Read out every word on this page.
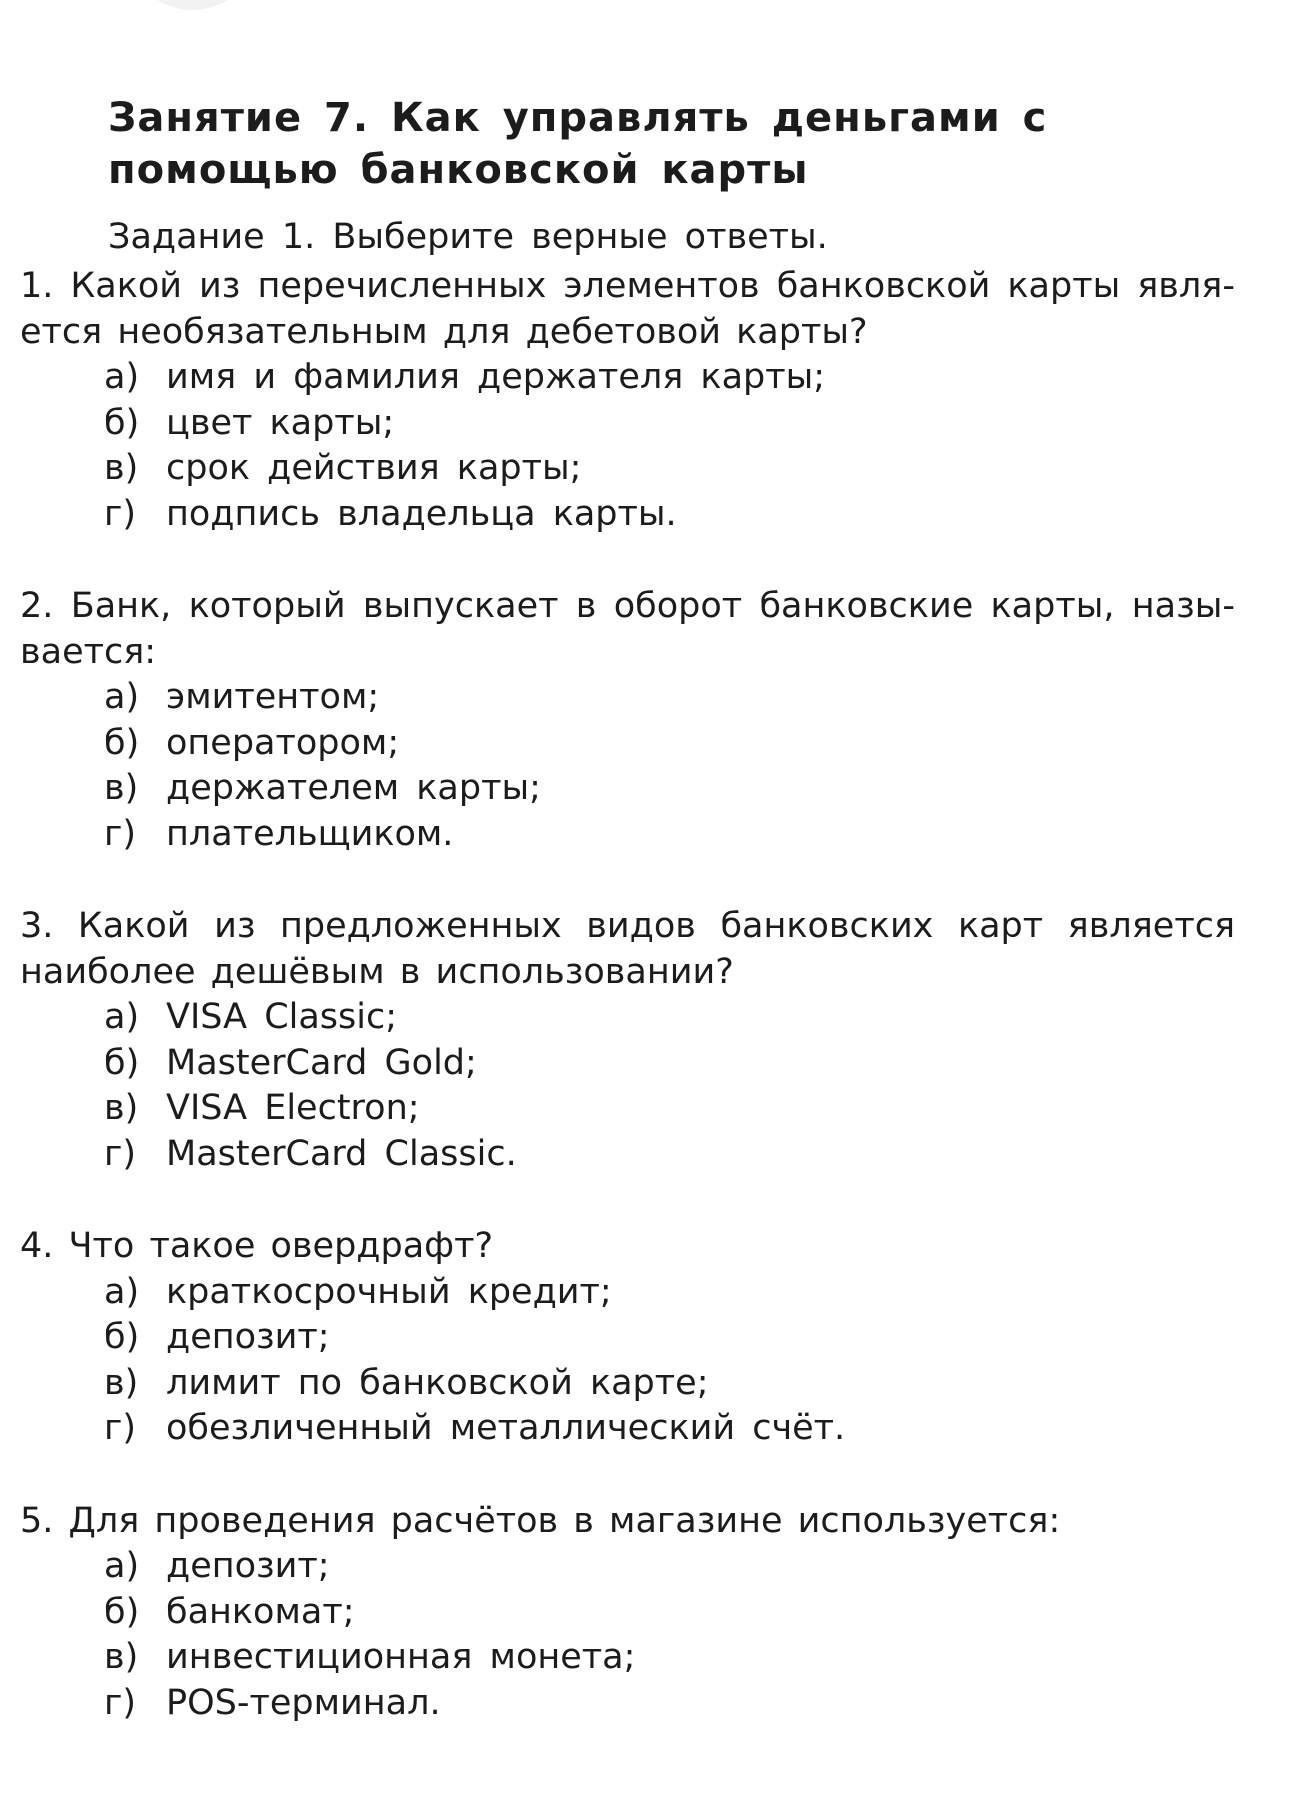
Занятие 7. Как управлять деньгами с помощью банковской карты
Задание 1. Выберите верные ответы.

1. Какой из перечисленных элементов банковской карты явля-ется необязательным для дебетовой карты?

а) имя и фамилия держателя карты;
б) цвет карты;
в) срок действия карты;
г) подпись владельца карты.

2. Банк, который выпускает в оборот банковские карты, назы-вается:

а) эмитентом;
б) оператором;
в) держателем карты;
г) плательщиком.

3. Какой из предложенных видов банковских карт является наиболее дешёвым в использовании?

а) VISA Classic;
б) MasterCard Gold;
в) VISA Electron;
г) MasterCard Classic.

4. Что такое овердрафт?

а) краткосрочный кредит;
б) депозит;
в) лимит по банковской карте;
г) обезличенный металлический счёт.

5. Для проведения расчётов в магазине используется:

а) депозит;
б) банкомат;
в) инвестиционная монета;
г) POS-терминал.
